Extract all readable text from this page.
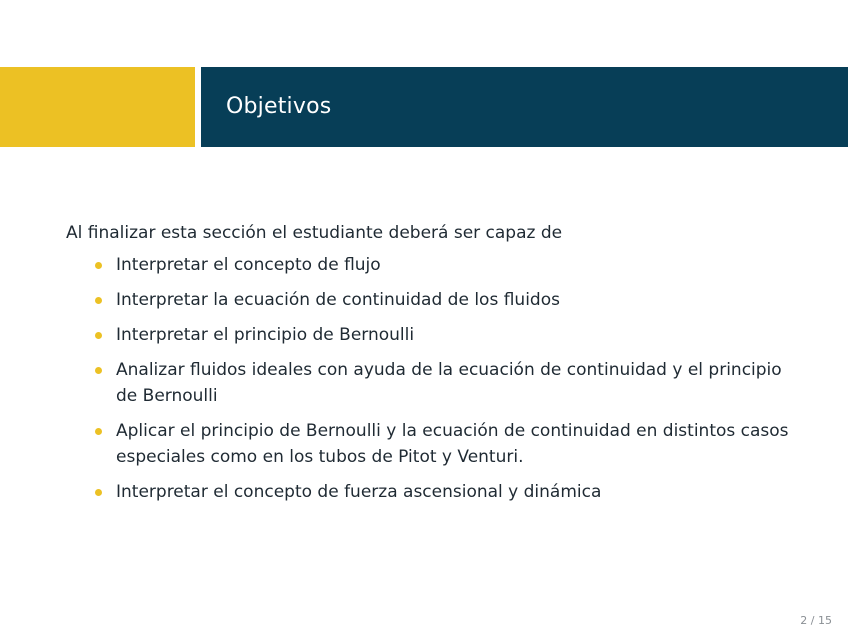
Objetivos

Al finalizar esta sección el estudiante deberá ser capaz de

Interpretar el concepto de flujo
Interpretar la ecuación de continuidad de los fluidos
Interpretar el principio de Bernoulli
Analizar fluidos ideales con ayuda de la ecuación de continuidad y el principio de Bernoulli
Aplicar el principio de Bernoulli y la ecuación de continuidad en distintos casos especiales como en los tubos de Pitot y Venturi.
Interpretar el concepto de fuerza ascensional y dinámica
2 / 15
